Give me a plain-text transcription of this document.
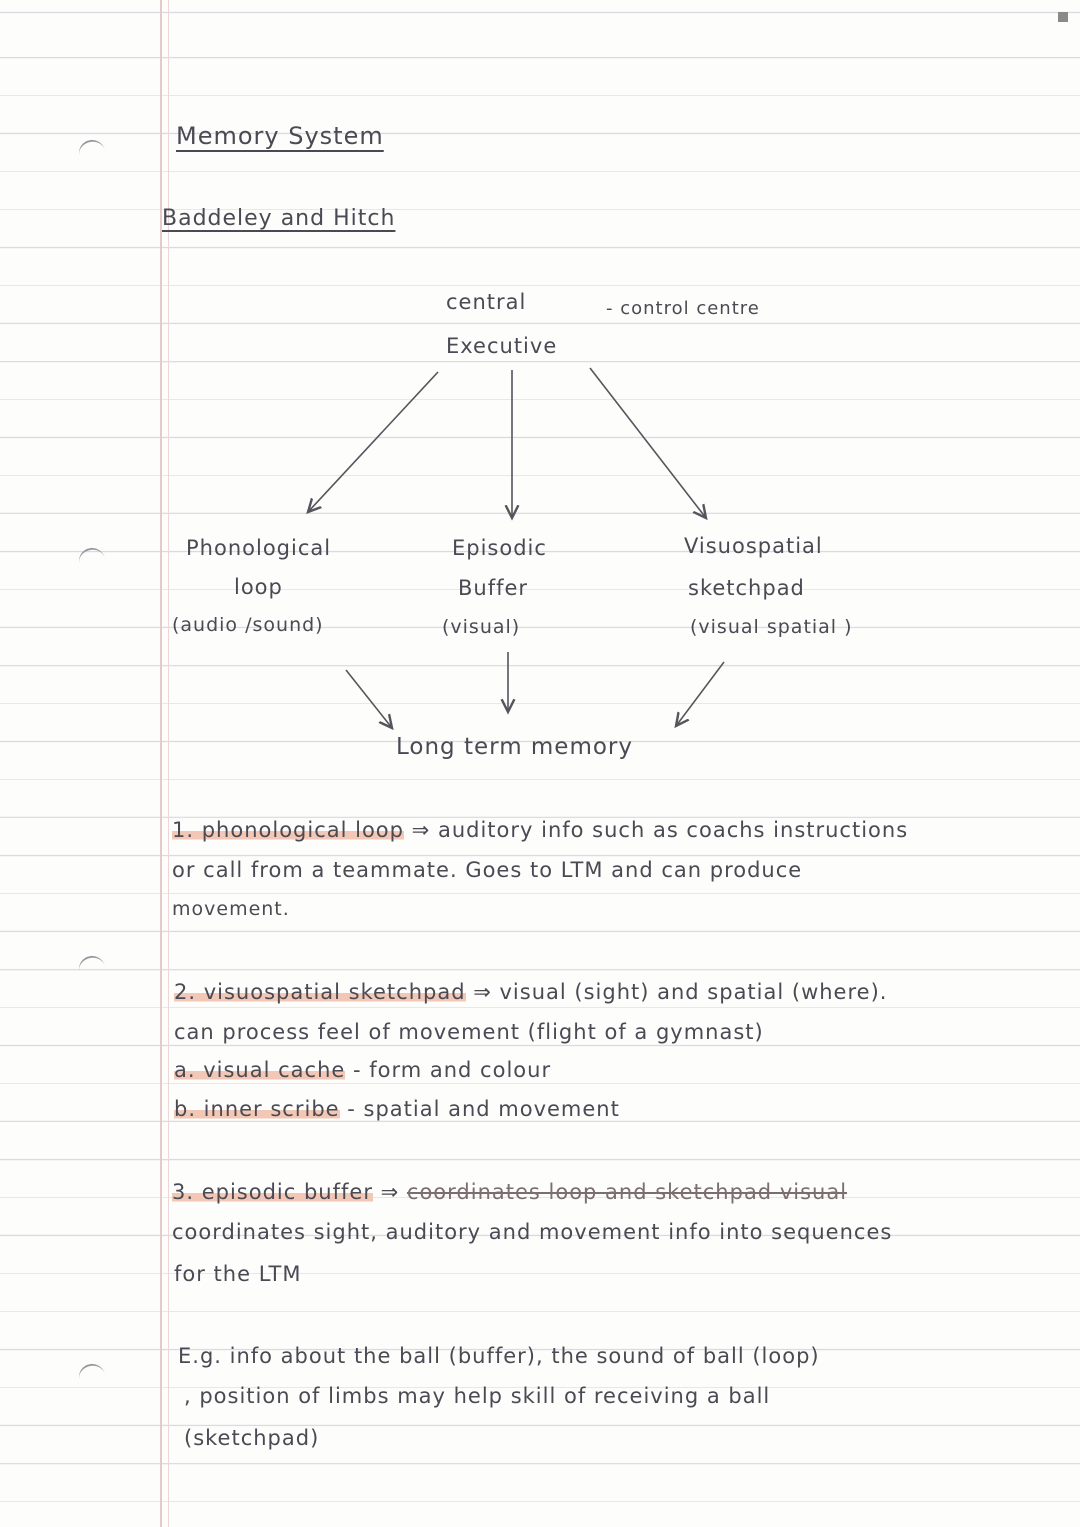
Memory System
Baddeley and Hitch
central
Executive
- control centre
Phonological
loop
(audio /sound)
Episodic
Buffer
(visual)
Visuospatial
sketchpad
(visual spatial )
Long term memory
1. phonological loop ⇒ auditory info such as coachs instructions
or call from a teammate. Goes to LTM and can produce
movement.
2. visuospatial sketchpad ⇒ visual (sight) and spatial (where).
can process feel of movement (flight of a gymnast)
a. visual cache - form and colour
b. inner scribe - spatial and movement
3. episodic buffer ⇒ coordinates loop and sketchpad visual
coordinates sight, auditory and movement info into sequences
for the LTM
E.g. info about the ball (buffer), the sound of ball (loop)
, position of limbs may help skill of receiving a ball
(sketchpad)
